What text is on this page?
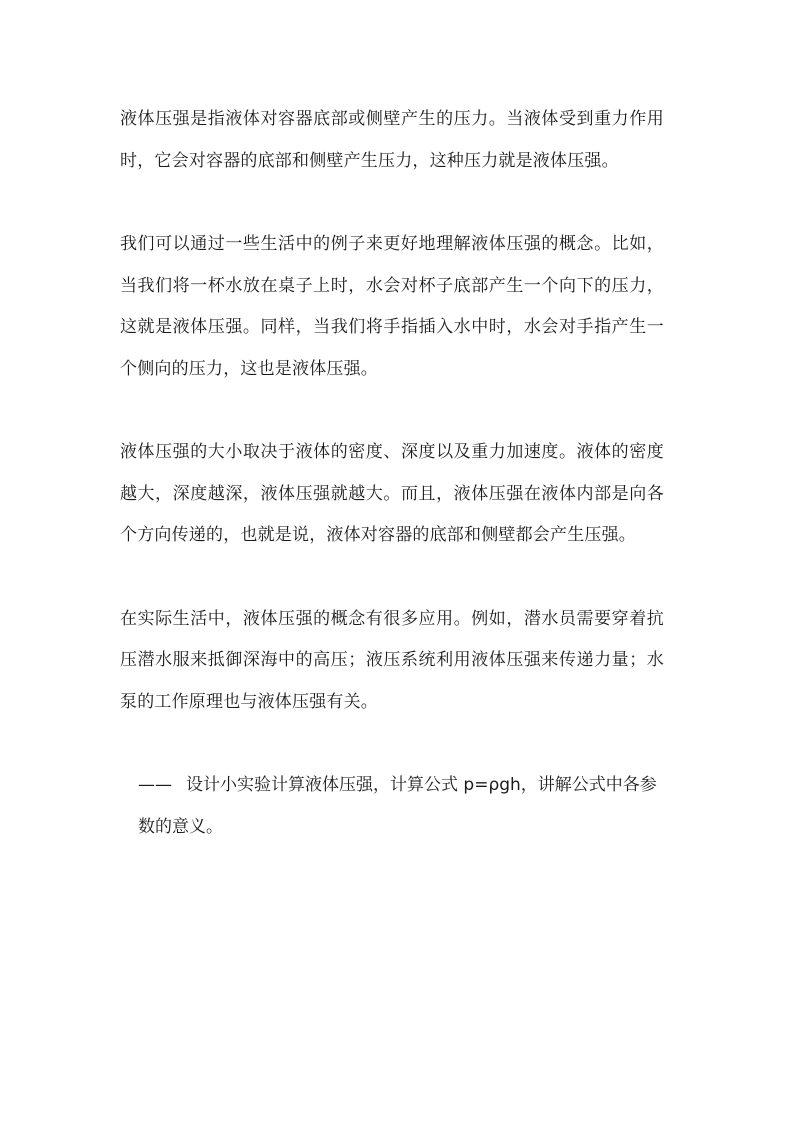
液体压强是指液体对容器底部或侧壁产生的压力。当液体受到重力作用时，它会对容器的底部和侧壁产生压力，这种压力就是液体压强。

我们可以通过一些生活中的例子来更好地理解液体压强的概念。比如，当我们将一杯水放在桌子上时，水会对杯子底部产生一个向下的压力，这就是液体压强。同样，当我们将手指插入水中时，水会对手指产生一个侧向的压力，这也是液体压强。

液体压强的大小取决于液体的密度、深度以及重力加速度。液体的密度越大，深度越深，液体压强就越大。而且，液体压强在液体内部是向各个方向传递的，也就是说，液体对容器的底部和侧壁都会产生压强。

在实际生活中，液体压强的概念有很多应用。例如，潜水员需要穿着抗压潜水服来抵御深海中的高压；液压系统利用液体压强来传递力量；水泵的工作原理也与液体压强有关。

—— 设计小实验计算液体压强，计算公式 p=ρgh，讲解公式中各参数的意义。
